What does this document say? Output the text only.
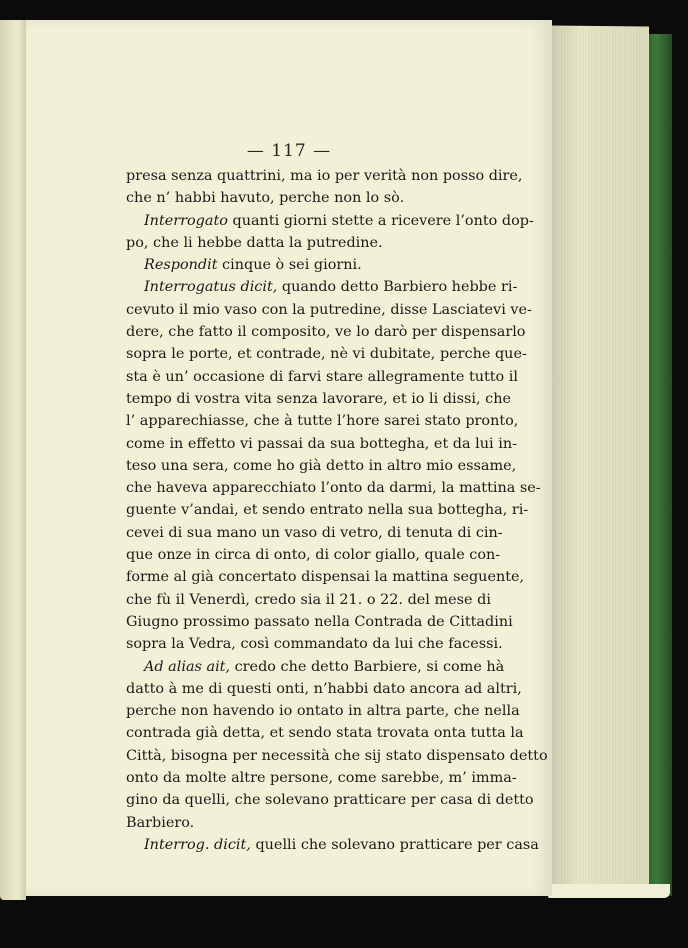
— 117 —
presa senza quattrini, ma io per verità non posso dire,
che n’ habbi havuto, perche non lo sò.
Interrogato quanti giorni stette a ricevere l’onto dop-
po, che li hebbe datta la putredine.
Respondit cinque ò sei giorni.
Interrogatus dicit, quando detto Barbiero hebbe ri-
cevuto il mio vaso con la putredine, disse Lasciatevi ve-
dere, che fatto il composito, ve lo darò per dispensarlo
sopra le porte, et contrade, nè vi dubitate, perche que-
sta è un’ occasione di farvi stare allegramente tutto il
tempo di vostra vita senza lavorare, et io li dissi, che
l’ apparechiasse, che à tutte l’hore sarei stato pronto,
come in effetto vi passai da sua bottegha, et da lui in-
teso una sera, come ho già detto in altro mio essame,
che haveva apparecchiato l’onto da darmi, la mattina se-
guente v’andai, et sendo entrato nella sua bottegha, ri-
cevei di sua mano un vaso di vetro, di tenuta di cin-
que onze in circa di onto, di color giallo, quale con-
forme al già concertato dispensai la mattina seguente,
che fù il Venerdì, credo sia il 21. o 22. del mese di
Giugno prossimo passato nella Contrada de Cittadini
sopra la Vedra, così commandato da lui che facessi.
Ad alias ait, credo che detto Barbiere, si come hà
datto à me di questi onti, n’habbi dato ancora ad altri,
perche non havendo io ontato in altra parte, che nella
contrada già detta, et sendo stata trovata onta tutta la
Città, bisogna per necessità che sij stato dispensato detto
onto da molte altre persone, come sarebbe, m’ imma-
gino da quelli, che solevano pratticare per casa di detto
Barbiero.
Interrog. dicit, quelli che solevano pratticare per casa
